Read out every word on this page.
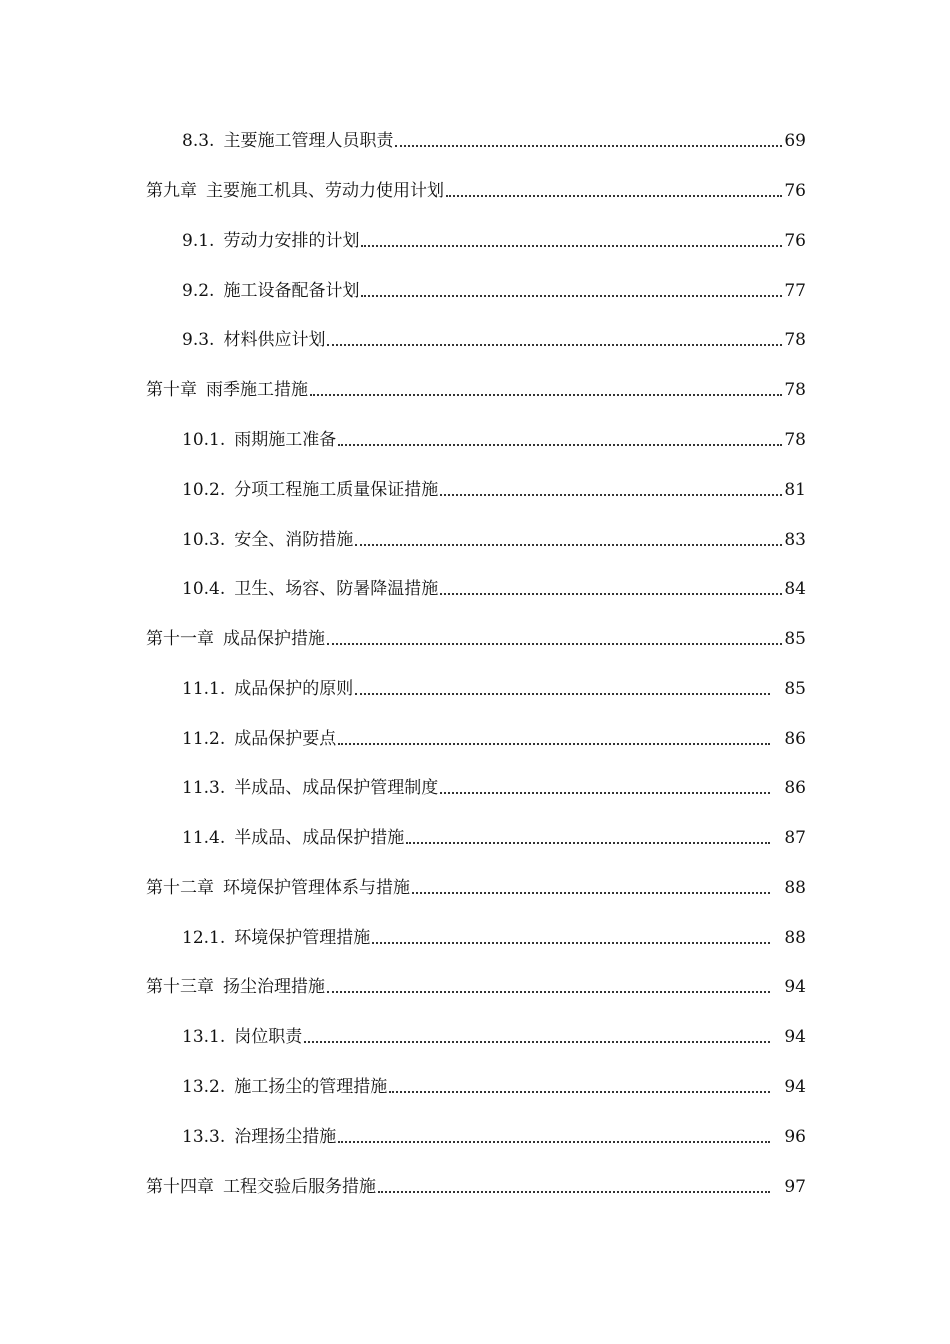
8.3. 主要施工管理人员职责	69
第九章 主要施工机具、劳动力使用计划	76
9.1. 劳动力安排的计划	76
9.2. 施工设备配备计划	77
9.3. 材料供应计划	78
第十章 雨季施工措施	78
10.1. 雨期施工准备	78
10.2. 分项工程施工质量保证措施	81
10.3. 安全、消防措施	83
10.4. 卫生、场容、防暑降温措施	84
第十一章 成品保护措施	85
11.1. 成品保护的原则	85
11.2. 成品保护要点	86
11.3. 半成品、成品保护管理制度	86
11.4. 半成品、成品保护措施	87
第十二章 环境保护管理体系与措施	88
12.1. 环境保护管理措施	88
第十三章 扬尘治理措施	94
13.1. 岗位职责	94
13.2. 施工扬尘的管理措施	94
13.3. 治理扬尘措施	96
第十四章 工程交验后服务措施	97
